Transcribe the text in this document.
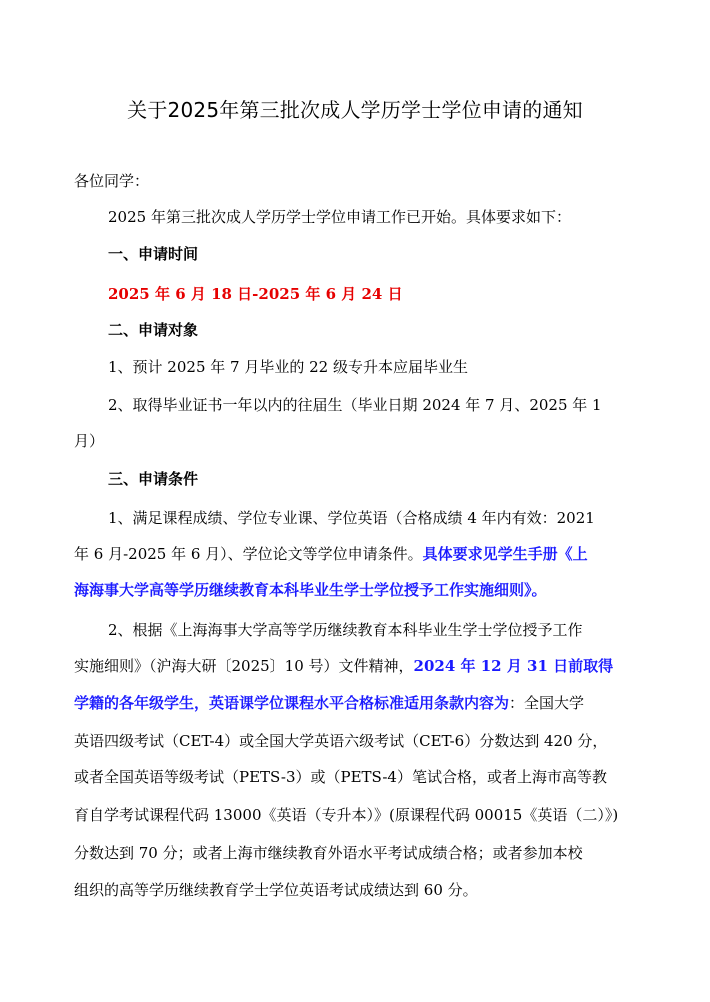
关于2025年第三批次成人学历学士学位申请的通知
各位同学：
2025 年第三批次成人学历学士学位申请工作已开始。具体要求如下：
一、申请时间
2025 年 6 月 18 日-2025 年 6 月 24 日
二、申请对象
1、预计 2025 年 7 月毕业的 22 级专升本应届毕业生
2、取得毕业证书一年以内的往届生（毕业日期 2024 年 7 月、2025 年 1
月）
三、申请条件
1、满足课程成绩、学位专业课、学位英语（合格成绩 4 年内有效：2021
年 6 月-2025 年 6 月）、学位论文等学位申请条件。具体要求见学生手册《上
海海事大学高等学历继续教育本科毕业生学士学位授予工作实施细则》。
2、根据《上海海事大学高等学历继续教育本科毕业生学士学位授予工作
实施细则》（沪海大研〔2025〕10 号）文件精神，2024 年 12 月 31 日前取得
学籍的各年级学生，英语课学位课程水平合格标准适用条款内容为：全国大学
英语四级考试（CET-4）或全国大学英语六级考试（CET-6）分数达到 420 分，
或者全国英语等级考试（PETS-3）或（PETS-4）笔试合格，或者上海市高等教
育自学考试课程代码 13000《英语（专升本）》(原课程代码 00015《英语（二）》)
分数达到 70 分；或者上海市继续教育外语水平考试成绩合格；或者参加本校
组织的高等学历继续教育学士学位英语考试成绩达到 60 分。
